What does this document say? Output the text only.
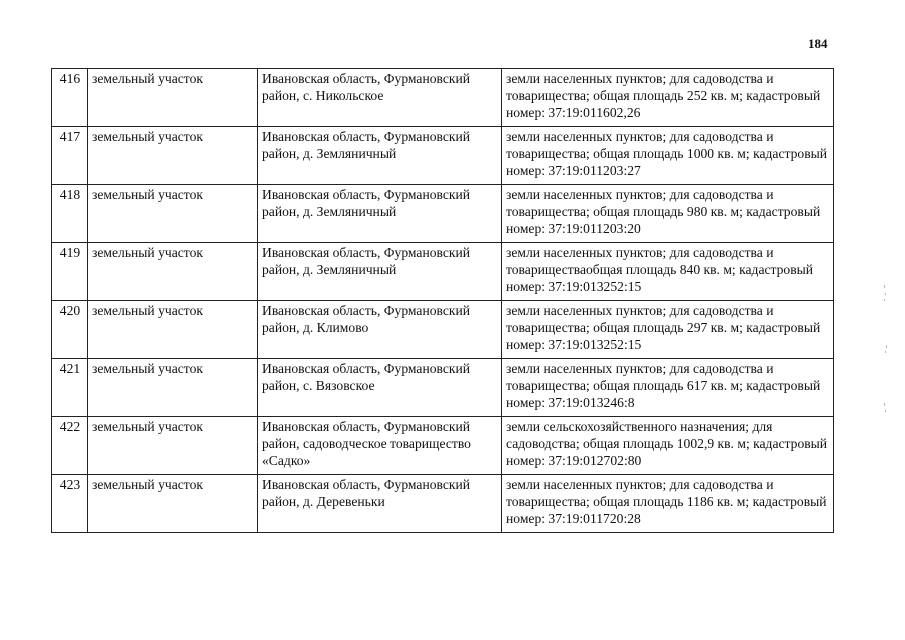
184
416	земельный участок	Ивановская область, Фурмановский район, с. Никольское	земли населенных пунктов; для садоводства и товарищества; общая площадь 252 кв. м; кадастровый номер: 37:19:011602,26
417	земельный участок	Ивановская область, Фурмановский район, д. Земляничный	земли населенных пунктов; для садоводства и товарищества; общая площадь 1000 кв. м; кадастровый номер: 37:19:011203:27
418	земельный участок	Ивановская область, Фурмановский район, д. Земляничный	земли населенных пунктов; для садоводства и товарищества; общая площадь 980 кв. м; кадастровый номер: 37:19:011203:20
419	земельный участок	Ивановская область, Фурмановский район, д. Земляничный	земли населенных пунктов; для садоводства и товариществаобщая площадь 840 кв. м; кадастровый номер: 37:19:013252:15
420	земельный участок	Ивановская область, Фурмановский район, д. Климово	земли населенных пунктов; для садоводства и товарищества; общая площадь 297 кв. м; кадастровый номер: 37:19:013252:15
421	земельный участок	Ивановская область, Фурмановский район, с. Вязовское	земли населенных пунктов; для садоводства и товарищества; общая площадь 617 кв. м; кадастровый номер: 37:19:013246:8
422	земельный участок	Ивановская область, Фурмановский район, садоводческое товарищество «Садко»	земли сельскохозяйственного назначения; для садоводства; общая площадь 1002,9 кв. м; кадастровый номер: 37:19:012702:80
423	земельный участок	Ивановская область, Фурмановский район, д. Деревеньки	земли населенных пунктов; для садоводства и товарищества; общая площадь 1186 кв. м; кадастровый номер: 37:19:011720:28
